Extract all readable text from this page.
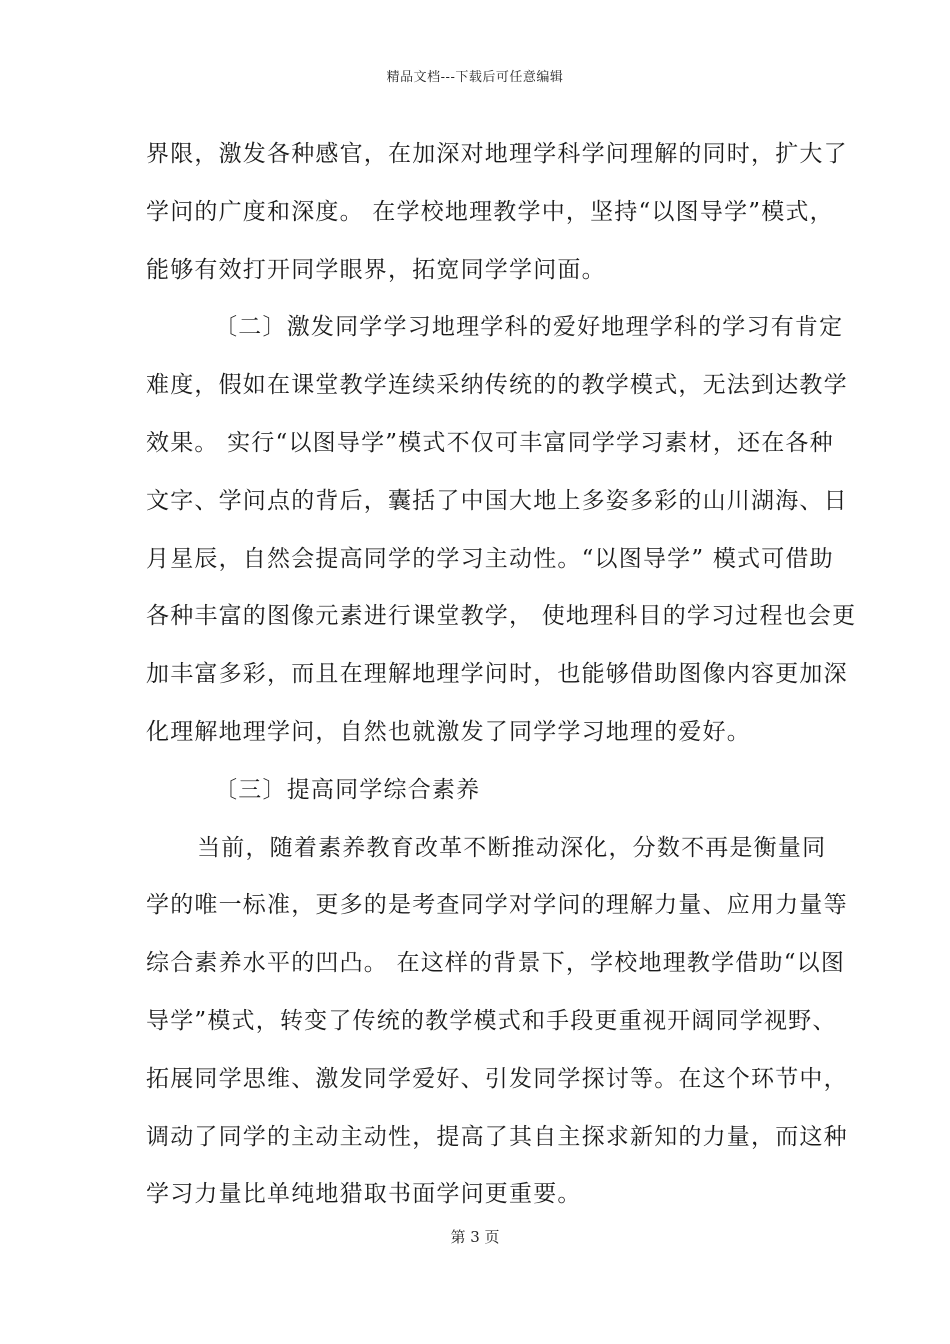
精品文档---下载后可任意编辑
界限，激发各种感官，在加深对地理学科学问理解的同时，扩大了
学问的广度和深度。 在学校地理教学中，坚持“以图导学”模式，
能够有效打开同学眼界，拓宽同学学问面。
〔二〕激发同学学习地理学科的爱好地理学科的学习有肯定
难度，假如在课堂教学连续采纳传统的的教学模式，无法到达教学
效果。 实行“以图导学”模式不仅可丰富同学学习素材，还在各种
文字、学问点的背后，囊括了中国大地上多姿多彩的山川湖海、日
月星辰，自然会提高同学的学习主动性。“以图导学” 模式可借助
各种丰富的图像元素进行课堂教学， 使地理科目的学习过程也会更
加丰富多彩，而且在理解地理学问时，也能够借助图像内容更加深
化理解地理学问，自然也就激发了同学学习地理的爱好。
〔三〕提高同学综合素养
当前，随着素养教育改革不断推动深化，分数不再是衡量同
学的唯一标准，更多的是考查同学对学问的理解力量、应用力量等
综合素养水平的凹凸。 在这样的背景下，学校地理教学借助“以图
导学”模式，转变了传统的教学模式和手段更重视开阔同学视野、
拓展同学思维、激发同学爱好、引发同学探讨等。在这个环节中，
调动了同学的主动主动性，提高了其自主探求新知的力量，而这种
学习力量比单纯地猎取书面学问更重要。
第 3 页
